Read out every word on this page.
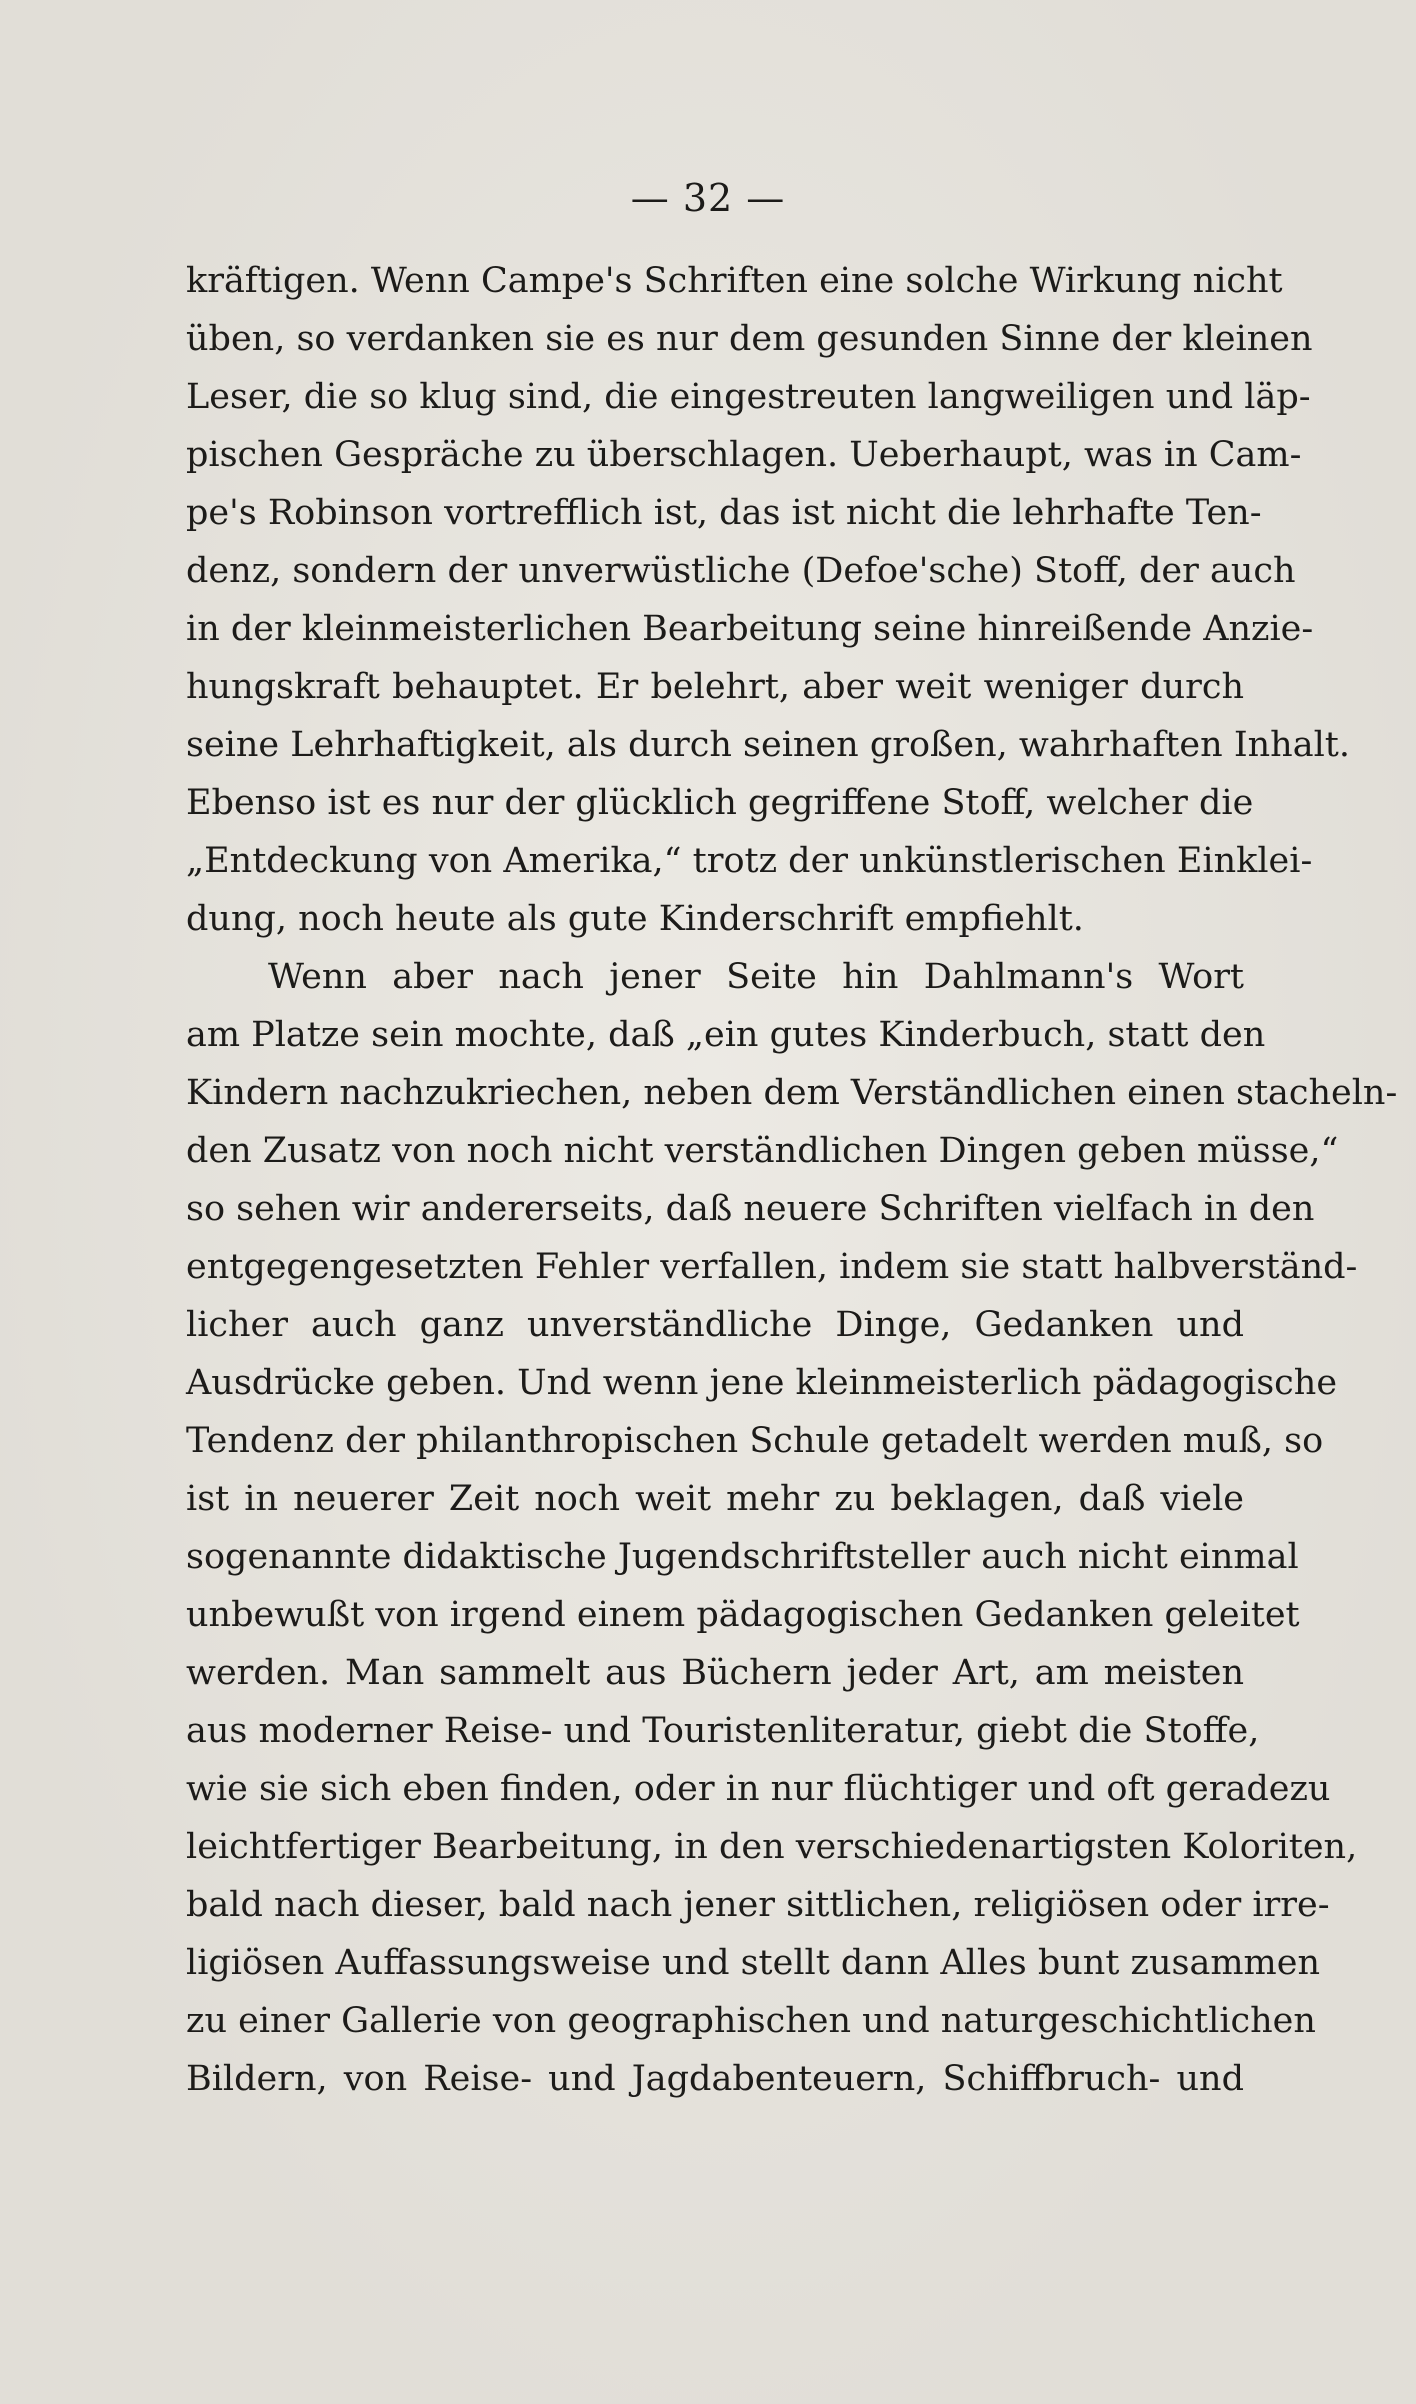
— 32 —
kräftigen. Wenn Campe's Schriften eine solche Wirkung nicht
üben, so verdanken sie es nur dem gesunden Sinne der kleinen
Leser, die so klug sind, die eingestreuten langweiligen und läp-
pischen Gespräche zu überschlagen. Ueberhaupt, was in Cam-
pe's Robinson vortrefflich ist, das ist nicht die lehrhafte Ten-
denz, sondern der unverwüstliche (Defoe'sche) Stoff, der auch
in der kleinmeisterlichen Bearbeitung seine hinreißende Anzie-
hungskraft behauptet. Er belehrt, aber weit weniger durch
seine Lehrhaftigkeit, als durch seinen großen, wahrhaften Inhalt.
Ebenso ist es nur der glücklich gegriffene Stoff, welcher die
„Entdeckung von Amerika,“ trotz der unkünstlerischen Einklei-
dung, noch heute als gute Kinderschrift empfiehlt.
Wenn aber nach jener Seite hin Dahlmann's Wort
am Platze sein mochte, daß „ein gutes Kinderbuch, statt den
Kindern nachzukriechen, neben dem Verständlichen einen stacheln-
den Zusatz von noch nicht verständlichen Dingen geben müsse,“
so sehen wir andererseits, daß neuere Schriften vielfach in den
entgegengesetzten Fehler verfallen, indem sie statt halbverständ-
licher auch ganz unverständliche Dinge, Gedanken und
Ausdrücke geben. Und wenn jene kleinmeisterlich pädagogische
Tendenz der philanthropischen Schule getadelt werden muß, so
ist in neuerer Zeit noch weit mehr zu beklagen, daß viele
sogenannte didaktische Jugendschriftsteller auch nicht einmal
unbewußt von irgend einem pädagogischen Gedanken geleitet
werden. Man sammelt aus Büchern jeder Art, am meisten
aus moderner Reise- und Touristenliteratur, giebt die Stoffe,
wie sie sich eben finden, oder in nur flüchtiger und oft geradezu
leichtfertiger Bearbeitung, in den verschiedenartigsten Koloriten,
bald nach dieser, bald nach jener sittlichen, religiösen oder irre-
ligiösen Auffassungsweise und stellt dann Alles bunt zusammen
zu einer Gallerie von geographischen und naturgeschichtlichen
Bildern, von Reise- und Jagdabenteuern, Schiffbruch- und
